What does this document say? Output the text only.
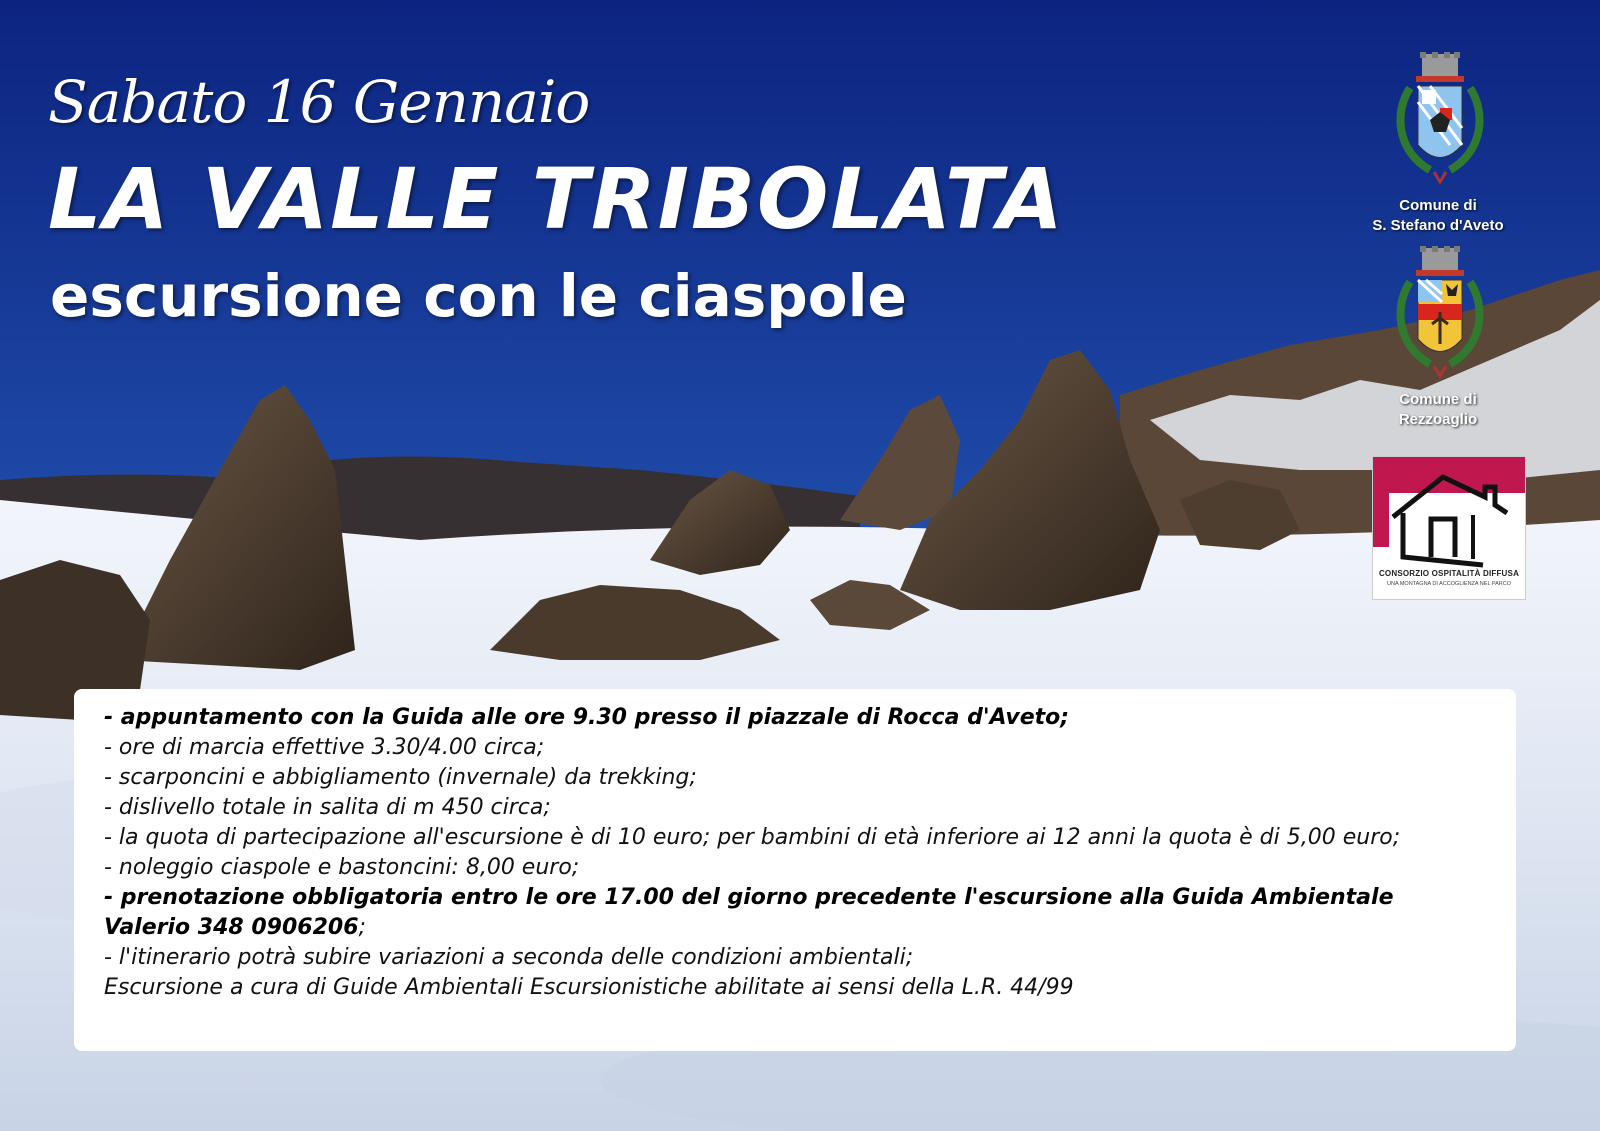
Sabato 16 Gennaio
LA VALLE TRIBOLATA
escursione con le ciaspole
Comune di
S. Stefano d'Aveto
Comune di
Rezzoaglio
CONSORZIO OSPITALITÀ DIFFUSA
UNA MONTAGNA DI ACCOGLIENZA NEL PARCO

- appuntamento con la Guida alle ore 9.30 presso il piazzale di Rocca d'Aveto;

- ore di marcia effettive 3.30/4.00 circa;

- scarponcini e abbigliamento (invernale) da trekking;

- dislivello totale in salita di m 450 circa;

- la quota di partecipazione all'escursione è di 10 euro; per bambini di età inferiore ai 12 anni la quota è di 5,00 euro;

- noleggio ciaspole e bastoncini: 8,00 euro;

- prenotazione obbligatoria entro le ore 17.00 del giorno precedente l'escursione alla Guida Ambientale Valerio 348 0906206;

- l'itinerario potrà subire variazioni a seconda delle condizioni ambientali;

Escursione a cura di Guide Ambientali Escursionistiche abilitate ai sensi della L.R. 44/99
